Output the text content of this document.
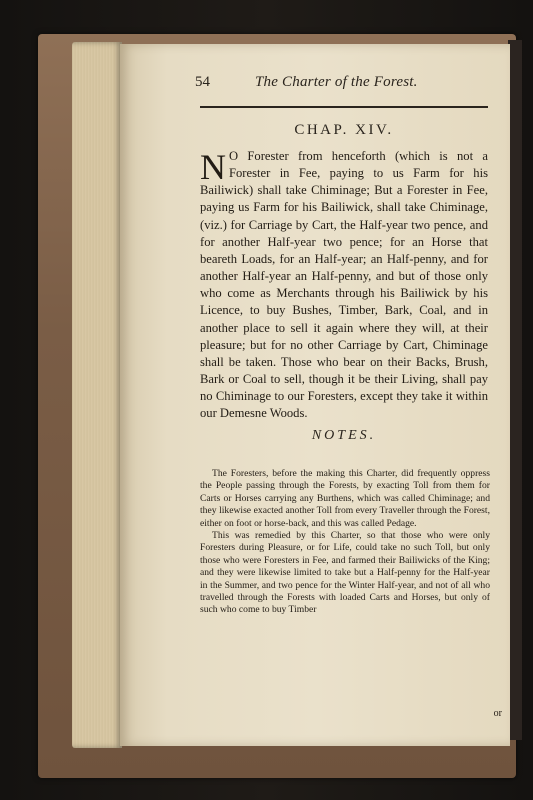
54	The Charter of the Forest.
CHAP. XIV.
N O Forester from henceforth (which is not a Forester in Fee, paying to us Farm for his Bailiwick) shall take Chiminage; But a Forester in Fee, paying us Farm for his Bailiwick, shall take Chiminage, (viz.) for Carriage by Cart, the Half-year two pence, and for another Half-year two pence; for an Horse that beareth Loads, for an Half-year; an Half-penny, and for another Half-year an Half-penny, and but of those only who come as Merchants through his Bailiwick by his Licence, to buy Bushes, Timber, Bark, Coal, and in another place to sell it again where they will, at their pleasure; but for no other Carriage by Cart, Chiminage shall be taken. Those who bear on their Backs, Brush, Bark or Coal to sell, though it be their Living, shall pay no Chiminage to our Foresters, except they take it within our Demesne Woods.
NOTES.

The Foresters, before the making this Charter, did frequently oppress the People passing through the Forests, by exacting Toll from them for Carts or Horses carrying any Burthens, which was called Chiminage; and they likewise exacted another Toll from every Traveller through the Forest, either on foot or horse-back, and this was called Pedage.

This was remedied by this Charter, so that those who were only Foresters during Pleasure, or for Life, could take no such Toll, but only those who were Foresters in Fee, and farmed their Bailiwicks of the King; and they were likewise limited to take but a Half-penny for the Half-year in the Summer, and two pence for the Winter Half-year, and not of all who travelled through the Forests with loaded Carts and Horses, but only of such who come to buy Timber

or
